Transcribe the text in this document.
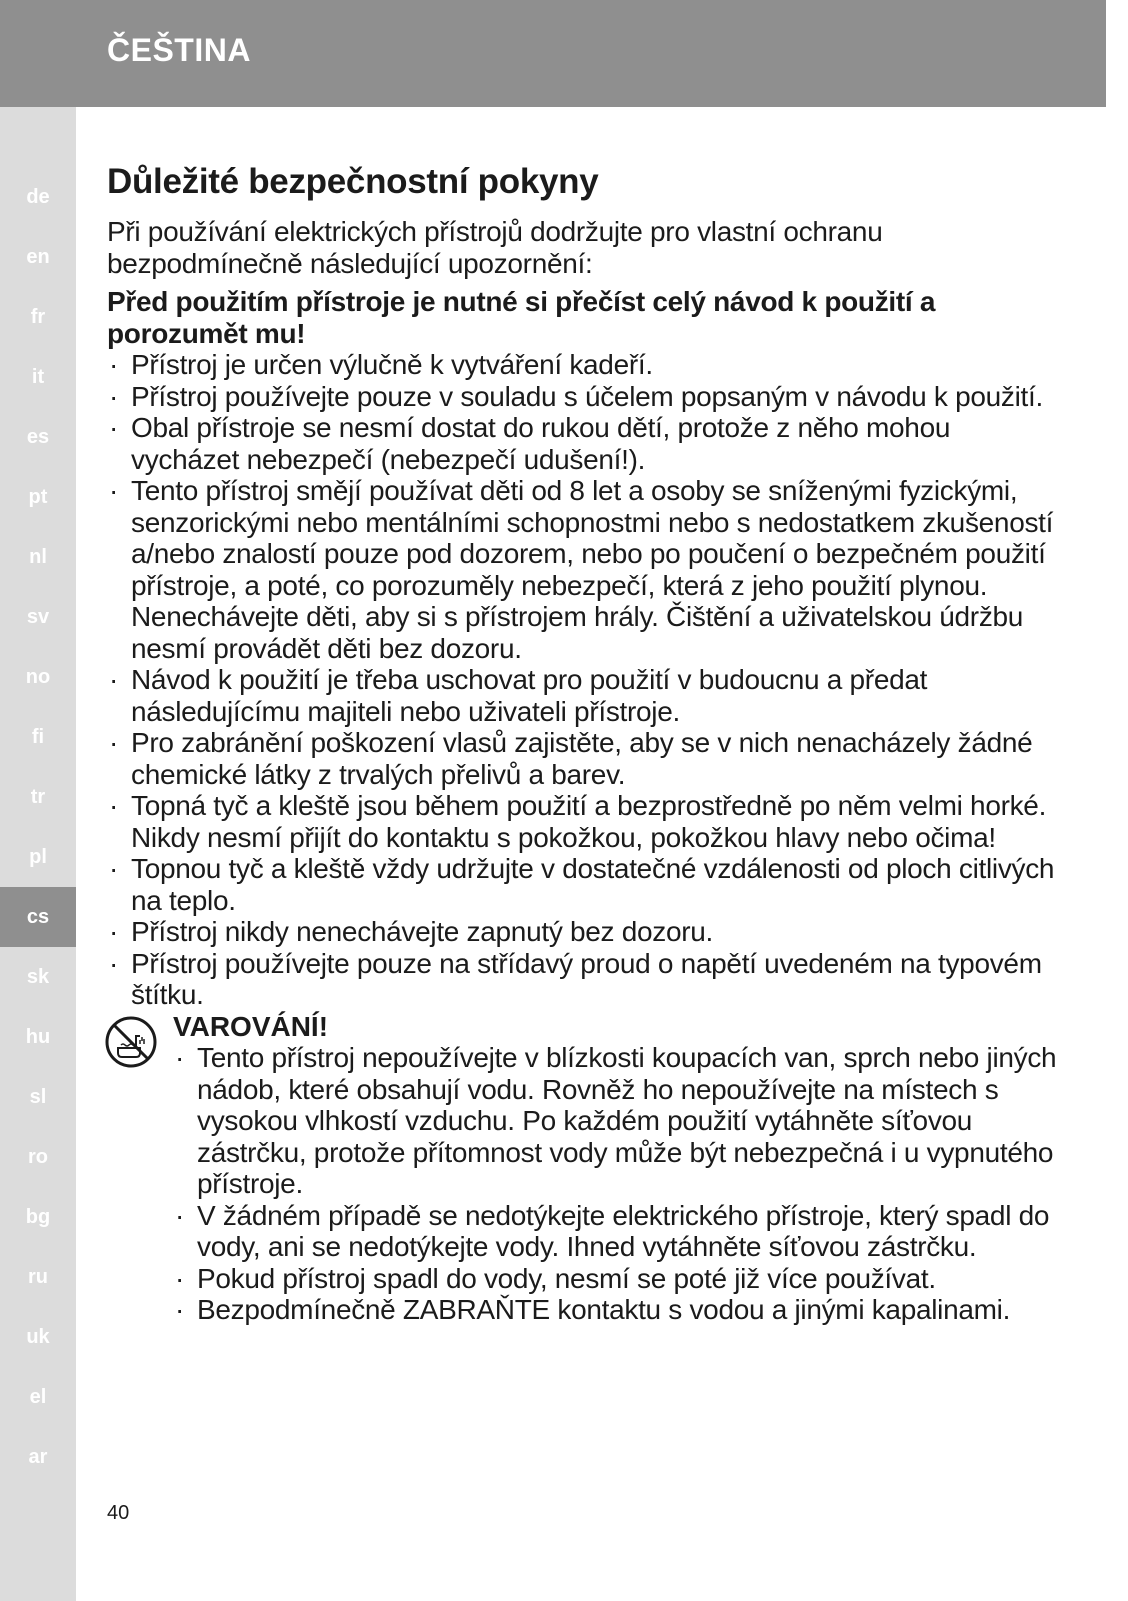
ČEŠTINA
de
en
fr
it
es
pt
nl
sv
no
fi
tr
pl
cs
sk
hu
sl
ro
bg
ru
uk
el
ar
Důležité bezpečnostní pokyny

Při používání elektrických přístrojů dodržujte pro vlastní ochranu bezpodmínečně následující upozornění:

Před použitím přístroje je nutné si přečíst celý návod k použití a porozumět mu!

· Přístroj je určen výlučně k vytváření kadeří.
· Přístroj používejte pouze v souladu s účelem popsaným v návodu k použití.
· Obal přístroje se nesmí dostat do rukou dětí, protože z něho mohou vycházet nebezpečí (nebezpečí udušení!).
· Tento přístroj smějí používat děti od 8 let a osoby se sníženými fyzickými, senzorickými nebo mentálními schopnostmi nebo s nedostatkem zkušeností a/nebo znalostí pouze pod dozorem, nebo po poučení o bezpečném použití přístroje, a poté, co porozuměly nebezpečí, která z jeho použití plynou. Nenechávejte děti, aby si s přístrojem hrály. Čištění a uživatelskou údržbu nesmí provádět děti bez dozoru.
· Návod k použití je třeba uschovat pro použití v budoucnu a předat následujícímu majiteli nebo uživateli přístroje.
· Pro zabránění poškození vlasů zajistěte, aby se v nich nenacházely žádné chemické látky z trvalých přelivů a barev.
· Topná tyč a kleště jsou během použití a bezprostředně po něm velmi horké. Nikdy nesmí přijít do kontaktu s pokožkou, pokožkou hlavy nebo očima!
· Topnou tyč a kleště vždy udržujte v dostatečné vzdálenosti od ploch citlivých na teplo.
· Přístroj nikdy nenechávejte zapnutý bez dozoru.
· Přístroj používejte pouze na střídavý proud o napětí uvedeném na typovém štítku.
VAROVÁNÍ!
· Tento přístroj nepoužívejte v blízkosti koupacích van, sprch nebo jiných nádob, které obsahují vodu. Rovněž ho nepoužívejte na místech s vysokou vlhkostí vzduchu. Po každém použití vytáhněte síťovou zástrčku, protože přítomnost vody může být nebezpečná i u vypnutého přístroje.
· V žádném případě se nedotýkejte elektrického přístroje, který spadl do vody, ani se nedotýkejte vody. Ihned vytáhněte síťovou zástrčku.
· Pokud přístroj spadl do vody, nesmí se poté již více používat.
· Bezpodmínečně ZABRAŇTE kontaktu s vodou a jinými kapalinami.
40
